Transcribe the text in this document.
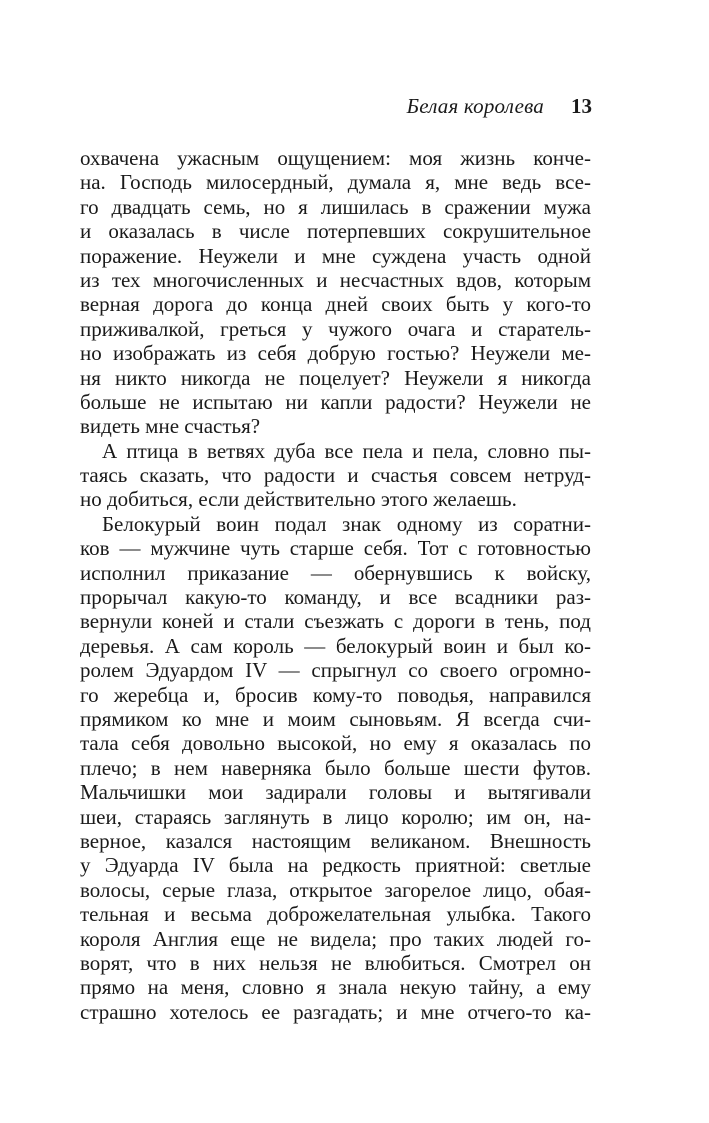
Белая королева 13
охвачена ужасным ощущением: моя жизнь конче-
на. Господь милосердный, думала я, мне ведь все-
го двадцать семь, но я лишилась в сражении мужа
и оказалась в числе потерпевших сокрушительное
поражение. Неужели и мне суждена участь одной
из тех многочисленных и несчастных вдов, которым
верная дорога до конца дней своих быть у кого-то
приживалкой, греться у чужого очага и старатель-
но изображать из себя добрую гостью? Неужели ме-
ня никто никогда не поцелует? Неужели я никогда
больше не испытаю ни капли радости? Неужели не
видеть мне счастья?
А птица в ветвях дуба все пела и пела, словно пы-
таясь сказать, что радости и счастья совсем нетруд-
но добиться, если действительно этого желаешь.
Белокурый воин подал знак одному из соратни-
ков — мужчине чуть старше себя. Тот с готовностью
исполнил приказание — обернувшись к войску,
прорычал какую-то команду, и все всадники раз-
вернули коней и стали съезжать с дороги в тень, под
деревья. А сам король — белокурый воин и был ко-
ролем Эдуардом IV — спрыгнул со своего огромно-
го жеребца и, бросив кому-то поводья, направился
прямиком ко мне и моим сыновьям. Я всегда счи-
тала себя довольно высокой, но ему я оказалась по
плечо; в нем наверняка было больше шести футов.
Мальчишки мои задирали головы и вытягивали
шеи, стараясь заглянуть в лицо королю; им он, на-
верное, казался настоящим великаном. Внешность
у Эдуарда IV была на редкость приятной: светлые
волосы, серые глаза, открытое загорелое лицо, обая-
тельная и весьма доброжелательная улыбка. Такого
короля Англия еще не видела; про таких людей го-
ворят, что в них нельзя не влюбиться. Смотрел он
прямо на меня, словно я знала некую тайну, а ему
страшно хотелось ее разгадать; и мне отчего-то ка-
